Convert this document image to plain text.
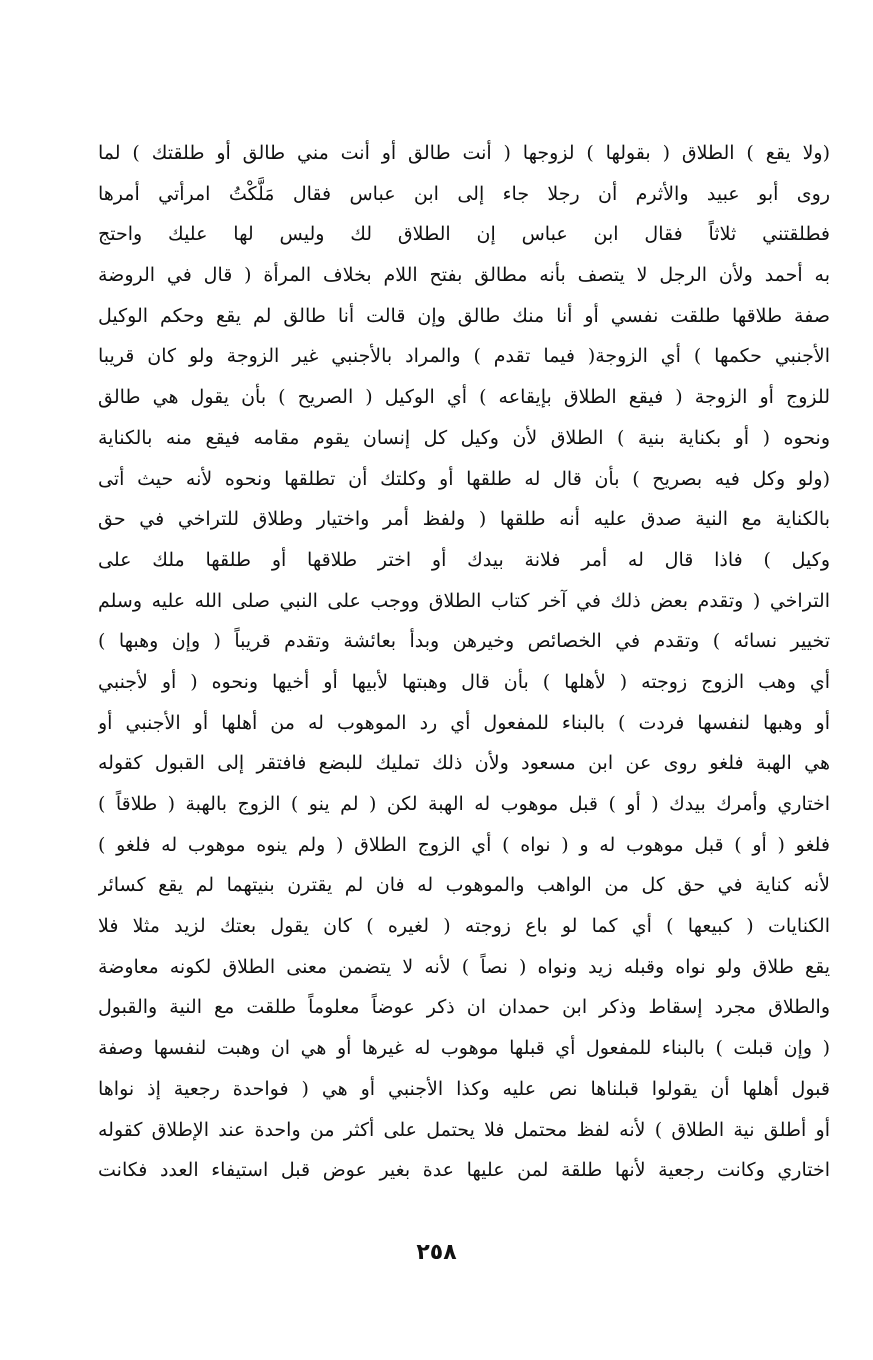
(ولا يقع ) الطلاق ( بقولها ) لزوجها ( أنت طالق أو أنت مني طالق أو طلقتك ) لما
روى أبو عبيد والأثرم أن رجلا جاء إلى ابن عباس فقال مَلَّكْتُ امرأتي أمرها
فطلقتني ثلاثاً فقال ابن عباس إن الطلاق لك وليس لها عليك واحتج
به أحمد ولأن الرجل لا يتصف بأنه مطالق بفتح اللام بخلاف المرأة ( قال في الروضة
صفة طلاقها طلقت نفسي أو أنا منك طالق وإن قالت أنا طالق لم يقع وحكم الوكيل
الأجنبي حكمها ) أي الزوجة( فيما تقدم ) والمراد بالأجنبي غير الزوجة ولو كان قريبا
للزوج أو الزوجة ( فيقع الطلاق بإيقاعه ) أي الوكيل ( الصريح ) بأن يقول هي طالق
ونحوه ( أو بكناية بنية ) الطلاق لأن وكيل كل إنسان يقوم مقامه فيقع منه بالكناية
(ولو وكل فيه بصريح ) بأن قال له طلقها أو وكلتك أن تطلقها ونحوه لأنه حيث أتى
بالكناية مع النية صدق عليه أنه طلقها ( ولفظ أمر واختيار وطلاق للتراخي في حق
وكيل ) فاذا قال له أمر فلانة بيدك أو اختر طلاقها أو طلقها ملك على
التراخي ( وتقدم بعض ذلك في آخر كتاب الطلاق ووجب على النبي صلى الله عليه وسلم
تخيير نسائه ) وتقدم في الخصائص وخيرهن وبدأ بعائشة وتقدم قريباً ( وإن وهبها )
أي وهب الزوج زوجته ( لأهلها ) بأن قال وهبتها لأبيها أو أخيها ونحوه ( أو لأجنبي
أو وهبها لنفسها فردت ) بالبناء للمفعول أي رد الموهوب له من أهلها أو الأجنبي أو
هي الهبة فلغو روى عن ابن مسعود ولأن ذلك تمليك للبضع فافتقر إلى القبول كقوله
اختاري وأمرك بيدك ( أو ) قبل موهوب له الهبة لكن ( لم ينو ) الزوج بالهبة ( طلاقاً )
فلغو ( أو ) قبل موهوب له و ( نواه ) أي الزوج الطلاق ( ولم ينوه موهوب له فلغو )
لأنه كناية في حق كل من الواهب والموهوب له فان لم يقترن بنيتهما لم يقع كسائر
الكنايات ( كبيعها ) أي كما لو باع زوجته ( لغيره ) كان يقول بعتك لزيد مثلا فلا
يقع طلاق ولو نواه وقبله زيد ونواه ( نصاً ) لأنه لا يتضمن معنى الطلاق لكونه معاوضة
والطلاق مجرد إسقاط وذكر ابن حمدان ان ذكر عوضاً معلوماً طلقت مع النية والقبول
( وإن قبلت ) بالبناء للمفعول أي قبلها موهوب له غيرها أو هي ان وهبت لنفسها وصفة
قبول أهلها أن يقولوا قبلناها نص عليه وكذا الأجنبي أو هي ( فواحدة رجعية إذ نواها
أو أطلق نية الطلاق ) لأنه لفظ محتمل فلا يحتمل على أكثر من واحدة عند الإطلاق كقوله
اختاري وكانت رجعية لأنها طلقة لمن عليها عدة بغير عوض قبل استيفاء العدد فكانت
٢٥٨
